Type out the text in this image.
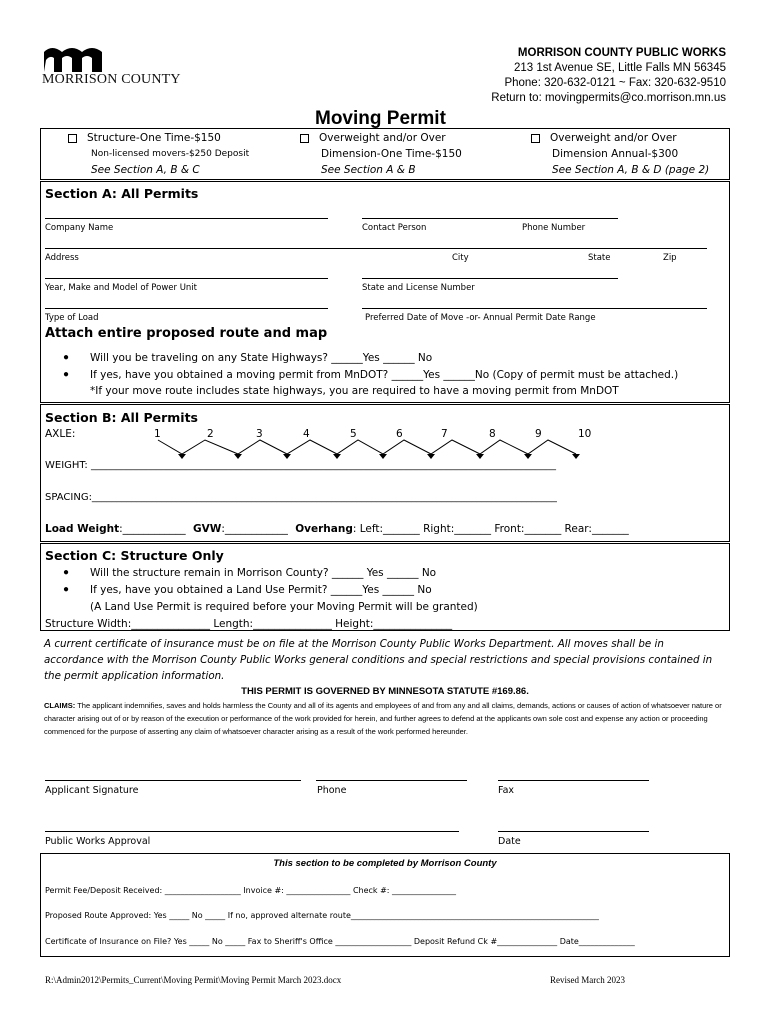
MORRISON COUNTY
MORRISON COUNTY PUBLIC WORKS
213 1st Avenue SE, Little Falls MN 56345
Phone: 320-632-0121 ~ Fax: 320-632-9510
Return to: movingpermits@co.morrison.mn.us
Moving Permit
Structure-One Time-$150
Non-licensed movers-$250 Deposit
See Section A, B & C
Overweight and/or Over
Dimension-One Time-$150
See Section A & B
Overweight and/or Over
Dimension Annual-$300
See Section A, B & D (page 2)
Section A: All Permits
Company Name	Contact Person	Phone Number
Address	City	State	Zip
Year, Make and Model of Power Unit	State and License Number
Type of Load	Preferred Date of Move -or- Annual Permit Date Range
Attach entire proposed route and map
● Will you be traveling on any State Highways? ______Yes ______ No
● If yes, have you obtained a moving permit from MnDOT? ______Yes ______No (Copy of permit must be attached.)
*If your move route includes state highways, you are required to have a moving permit from MnDOT
Section B: All Permits
AXLE:	1	2	3	4	5	6	7	8	9	10
WEIGHT: _____________________________________________________________________________________________
SPACING:_____________________________________________________________________________________________
Load Weight:____________ GVW:____________ Overhang: Left:_______ Right:_______ Front:_______ Rear:_______
Section C: Structure Only
● Will the structure remain in Morrison County? ______ Yes ______ No
● If yes, have you obtained a Land Use Permit? ______Yes ______ No
(A Land Use Permit is required before your Moving Permit will be granted)
Structure Width:_______________ Length:_______________ Height:_______________
A current certificate of insurance must be on file at the Morrison County Public Works Department. All moves shall be in accordance with the Morrison County Public Works general conditions and special restrictions and special provisions contained in the permit application information.
THIS PERMIT IS GOVERNED BY MINNESOTA STATUTE #169.86.
CLAIMS: The applicant indemnifies, saves and holds harmless the County and all of its agents and employees of and from any and all claims, demands, actions or causes of action of whatsoever nature or character arising out of or by reason of the execution or performance of the work provided for herein, and further agrees to defend at the applicants own sole cost and expense any action or proceeding commenced for the purpose of asserting any claim of whatsoever character arising as a result of the work performed hereunder.
Applicant Signature	Phone	Fax
Public Works Approval	Date
This section to be completed by Morrison County
Permit Fee/Deposit Received: ___________________ Invoice #: ________________ Check #: ________________
Proposed Route Approved: Yes _____ No _____ If no, approved alternate route______________________________________________________________
Certificate of Insurance on File? Yes _____ No _____ Fax to Sheriff's Office ___________________ Deposit Refund Ck #_______________ Date______________
R:\Admin2012\Permits_Current\Moving Permit\Moving Permit March 2023.docx	Revised March 2023
